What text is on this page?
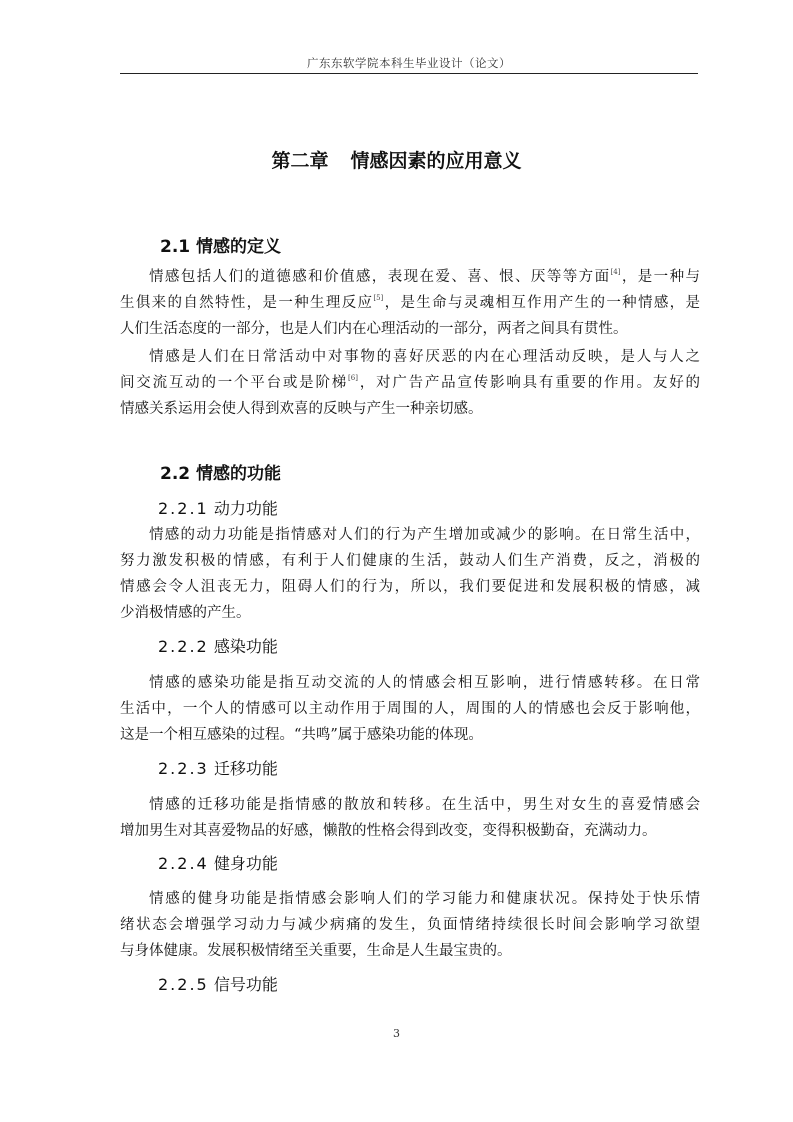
广东东软学院本科生毕业设计（论文）
第二章 情感因素的应用意义
2.1 情感的定义
情感包括人们的道德感和价值感，表现在爱、喜、恨、厌等等方面[4]，是一种与
生俱来的自然特性，是一种生理反应[5]，是生命与灵魂相互作用产生的一种情感，是
人们生活态度的一部分，也是人们内在心理活动的一部分，两者之间具有贯性。
情感是人们在日常活动中对事物的喜好厌恶的内在心理活动反映，是人与人之
间交流互动的一个平台或是阶梯[6]，对广告产品宣传影响具有重要的作用。友好的
情感关系运用会使人得到欢喜的反映与产生一种亲切感。
2.2 情感的功能
2.2.1 动力功能
情感的动力功能是指情感对人们的行为产生增加或减少的影响。在日常生活中，
努力激发积极的情感，有利于人们健康的生活，鼓动人们生产消费，反之，消极的
情感会令人沮丧无力，阻碍人们的行为，所以，我们要促进和发展积极的情感，减
少消极情感的产生。
2.2.2 感染功能
情感的感染功能是指互动交流的人的情感会相互影响，进行情感转移。在日常
生活中，一个人的情感可以主动作用于周围的人，周围的人的情感也会反于影响他，
这是一个相互感染的过程。“共鸣”属于感染功能的体现。
2.2.3 迁移功能
情感的迁移功能是指情感的散放和转移。在生活中，男生对女生的喜爱情感会
增加男生对其喜爱物品的好感，懒散的性格会得到改变，变得积极勤奋，充满动力。
2.2.4 健身功能
情感的健身功能是指情感会影响人们的学习能力和健康状况。保持处于快乐情
绪状态会增强学习动力与减少病痛的发生，负面情绪持续很长时间会影响学习欲望
与身体健康。发展积极情绪至关重要，生命是人生最宝贵的。
2.2.5 信号功能
3
